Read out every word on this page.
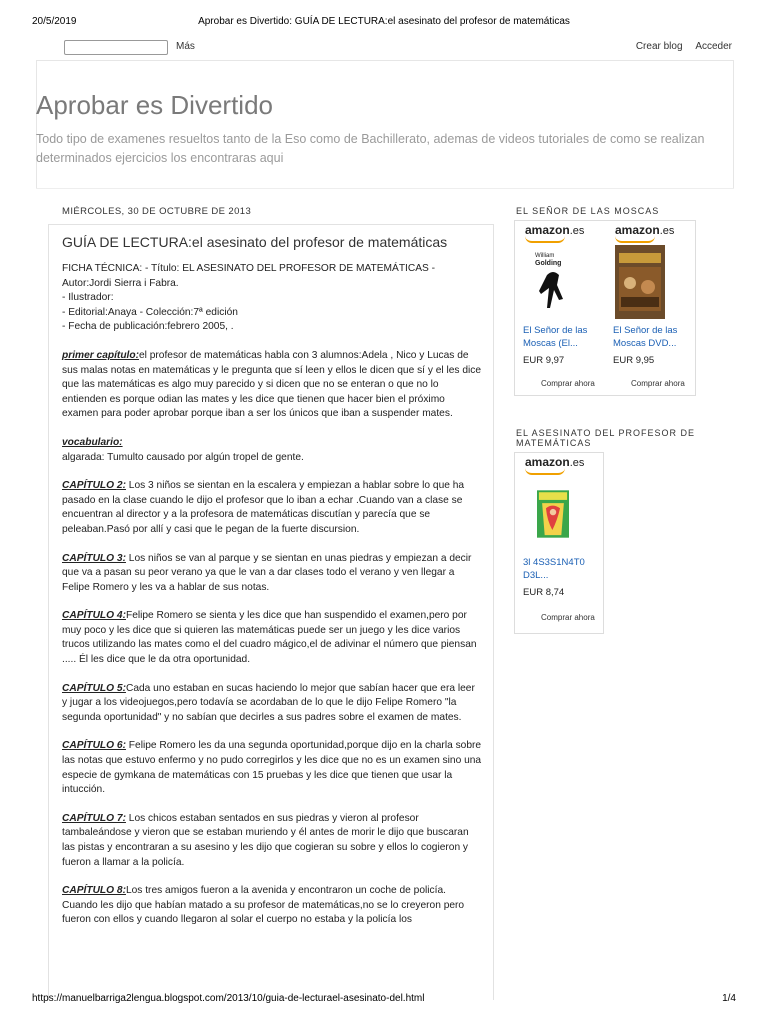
20/5/2019	Aprobar es Divertido: GUÍA DE LECTURA:el asesinato del profesor de matemáticas
Más	Crear blog Acceder
Aprobar es Divertido
Todo tipo de examenes resueltos tanto de la Eso como de Bachillerato, ademas de videos tutoriales de como se realizan determinados ejercicios los encontraras aqui
MIÉRCOLES, 30 DE OCTUBRE DE 2013
GUÍA DE LECTURA:el asesinato del profesor de matemáticas

FICHA TÉCNICA: - Título: EL ASESINATO DEL PROFESOR DE MATEMÁTICAS - Autor:Jordi Sierra i Fabra.
- Ilustrador:
- Editorial:Anaya - Colección:7ª edición
- Fecha de publicación:febrero 2005, .

primer capítulo:el profesor de matemáticas habla con 3 alumnos:Adela , Nico y Lucas de sus malas notas en matemáticas y le pregunta que sí leen y ellos le dicen que sí y el les dice que las matemáticas es algo muy parecido y si dicen que no se enteran o que no lo entienden es porque odian las mates y les dice que tienen que hacer bien el próximo examen para poder aprobar porque iban a ser los únicos que iban a suspender mates.

vocabulario:
algarada: Tumulto causado por algún tropel de gente.

CAPÍTULO 2: Los 3 niños se sientan en la escalera y empiezan a hablar sobre lo que ha pasado en la clase cuando le dijo el profesor que lo iban a echar .Cuando van a clase se encuentran al director y a la profesora de matemáticas discutían y parecía que se peleaban.Pasó por allí y casi que le pegan de la fuerte discursion.

CAPÍTULO 3: Los niños se van al parque y se sientan en unas piedras y empiezan a decir que va a pasan su peor verano ya que le van a dar clases todo el verano y ven llegar a Felipe Romero y les va a hablar de sus notas.

CAPÍTULO 4:Felipe Romero se sienta y les dice que han suspendido el examen,pero por muy poco y les dice que si quieren las matemáticas puede ser un juego y les dice varios trucos utilizando las mates como el del cuadro mágico,el de adivinar el número que piensan ..... Él les dice que le da otra oportunidad.

CAPÍTULO 5:Cada uno estaban en sucas haciendo lo mejor que sabían hacer que era leer y jugar a los videojuegos,pero todavía se acordaban de lo que le dijo Felipe Romero "la segunda oportunidad" y no sabían que decirles a sus padres sobre el examen de mates.

CAPÍTULO 6: Felipe Romero les da una segunda oportunidad,porque dijo en la charla sobre las notas que estuvo enfermo y no pudo corregirlos y les dice que no es un examen sino una especie de gymkana de matemáticas con 15 pruebas y les dice que tienen que usar la intucción.

CAPÍTULO 7: Los chicos estaban sentados en sus piedras y vieron al profesor tambaleándose y vieron que se estaban muriendo y él antes de morir le dijo que buscaran las pistas y encontraran a su asesino y les dijo que cogieran su sobre y ellos lo cogieron y fueron a llamar a la policía.

CAPÍTULO 8:Los tres amigos fueron a la avenida y encontraron un coche de policía. Cuando les dijo que habían matado a su profesor de matemáticas,no se lo creyeron pero fueron con ellos y cuando llegaron al solar el cuerpo no estaba y la policía los

EL SEÑOR DE LAS MOSCAS
amazon.es
William
Golding
El Señor de las Moscas (El...
EUR 9,97
Comprar ahora
amazon.es
El Señor de las Moscas DVD...
EUR 9,95
Comprar ahora
EL ASESINATO DEL PROFESOR DE MATEMÁTICAS
amazon.es
3l 4S3S1N4T0 D3L...
EUR 8,74
Comprar ahora
https://manuelbarriga2lengua.blogspot.com/2013/10/guia-de-lecturael-asesinato-del.html	1/4
